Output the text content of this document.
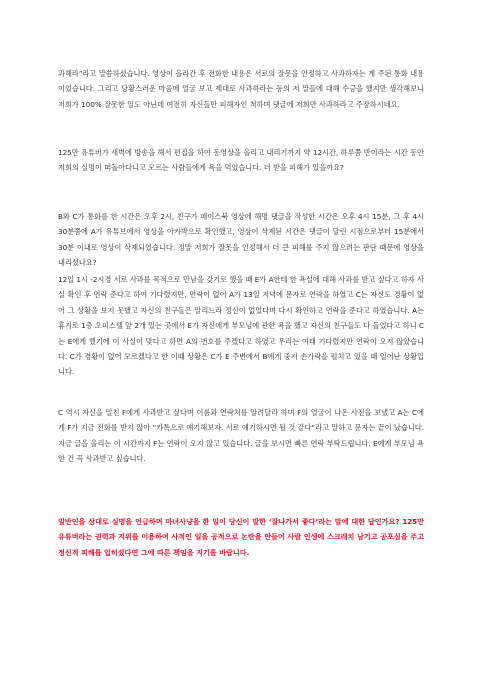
과해라”라고 말씀하셨습니다. 영상이 올라간 후 전화한 내용은 서로의 잘못을 인정하고 사과하자는 게 주된 통화 내용이었습니다. 그리고 당황스러운 마음에 얼굴 보고 제대로 사과하라는 등의 저 말들에 대해 수긍을 했지만 생각해보니 저희가 100% 잘못한 일도 아닌데 여전히 자신들만 피해자인 척하며 댓글에 저희만 사과하라고 주장하시네요.

125만 유튜버가 새벽에 방송을 해서 편집을 하여 동영상을 올리고 내리기까지 약 12시간, 하루쯤 반이라는 시간 동안 저희의 실명이 떠돌아다니고 모르는 사람들에게 욕을 먹었습니다. 더 받을 피해가 있을까요?

B와 C가 통화를 한 시간은 오후 2시, 친구가 페이스북 영상에 해명 댓글을 작성한 시간은 오후 4시 15분, 그 후 4시 30분쯤에 A가 유튜브에서 영상을 아카박으로 확인했고, 영상이 삭제된 시간은 댓글이 달린 시점으로부터 15분에서 30분 이내로 영상이 삭제되었습니다. 정말 저희가 잘못을 인정해서 더 큰 피해를 주지 않으려는 판단 때문에 영상을 내리셨나요?

12일 1시 -2시경 서로 사과를 목적으로 만남을 갖기로 했을 때 E가 A한테 한 욕설에 대해 사과를 받고 싶다고 하자 사실 확인 후 연락 준다고 하여 기다렸지만, 연락이 없어 A가 13일 저녁에 문자로 연락을 하였고 C는 자신도 경황이 없어 그 상황을 보지 못했고 자신의 친구들은 말리느라 정신이 없었다며 다시 확인하고 연락을 준다고 하였습니다. A는 휴지로 1층 오피스텔 앞 2개 있는 곳에서 E가 자신에게 부모님에 관한 욕을 했고 자신의 친구들도 다 들었다고 하니 C는 E에게 했기에 이 사실이 맞다고 하면 A의 번호를 주겠다고 하였고 우리는 여태 기다렸지만 연락이 오지 않았습니다. C가 경황이 없어 모르겠다고 한 이때 상황은 C가 E 주변에서 B에게 중지 손가락을 펼치고 있을 때 일어난 상황입니다.

C 역시 자신을 밀친 F에게 사과받고 싶다며 이름과 연락처를 알려달라 하며 F의 얼굴이 나온 사진을 보냈고 A는 C에게 F가 지금 전화를 받지 않아 “카톡으로 얘기해보자. 서로 얘기하시면 될 것 같다”라고 말하고 문자는 끝이 났습니다. 지금 글을 올리는 이 시간까지 F는 연락이 오지 않고 있습니다. 글을 보시면 빠른 연락 부탁드립니다. E에게 부모님 욕한 건 꼭 사과받고 싶습니다.

일반인을 상대로 실명을 언급하며 마녀사냥을 한 일이 당신이 말한 ‘잘나가서 좋다’라는 말에 대한 답인가요? 125만 유튜버라는 권력과 지위를 이용하여 사적인 일을 공적으로 논란을 만들어 사람 인생에 스크래치 남기고 공포심을 주고 정신적 피해를 입히셨다면 그에 따른 책임을 지기를 바랍니다.
